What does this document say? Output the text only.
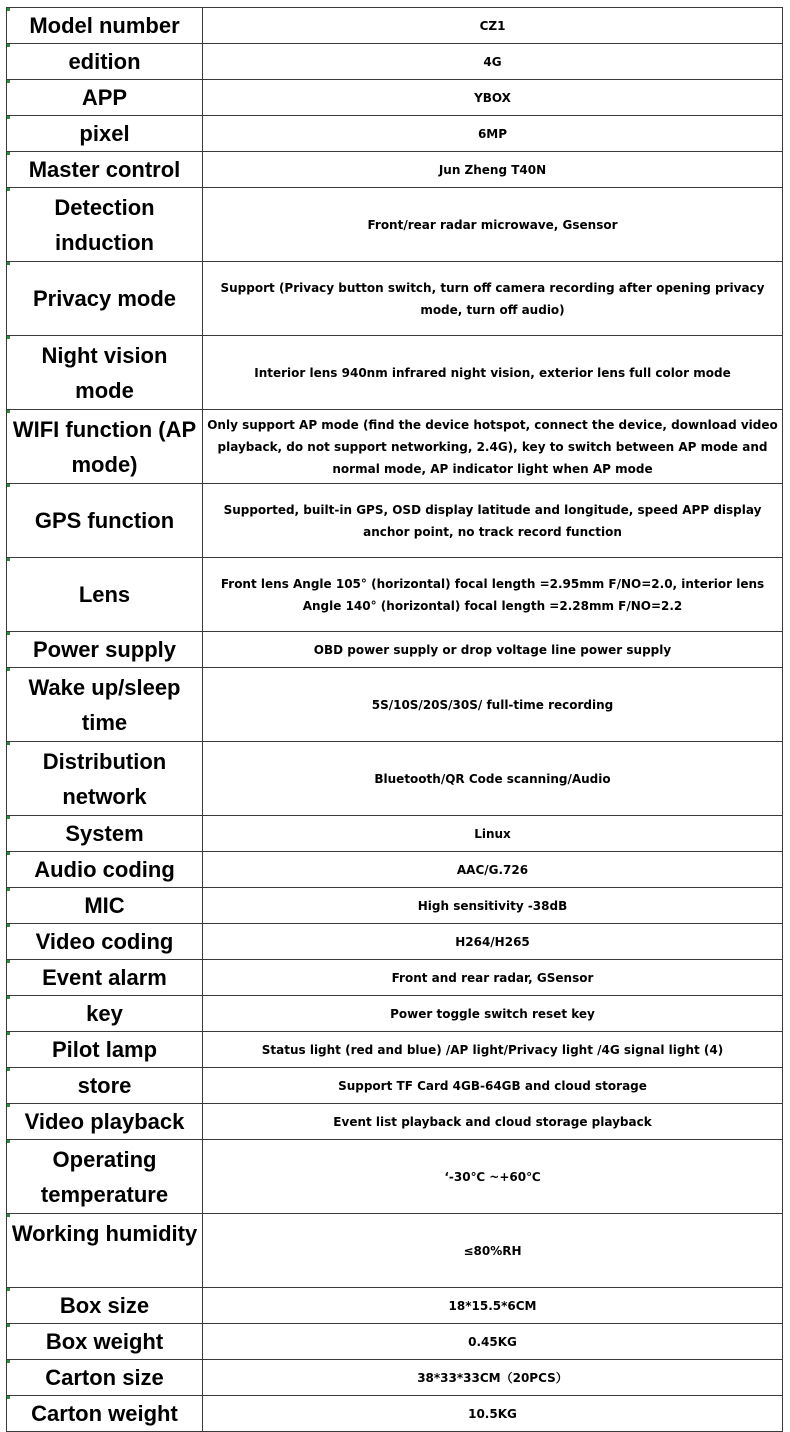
Model number	CZ1
edition	4G
APP	YBOX
pixel	6MP
Master control	Jun Zheng T40N
Detection induction	Front/rear radar microwave, Gsensor
Privacy mode	Support (Privacy button switch, turn off camera recording after opening privacy mode, turn off audio)
Night vision mode	Interior lens 940nm infrared night vision, exterior lens full color mode
WIFI function (AP mode)	Only support AP mode (find the device hotspot, connect the device, download video playback, do not support networking, 2.4G), key to switch between AP mode and normal mode, AP indicator light when AP mode
GPS function	Supported, built-in GPS, OSD display latitude and longitude, speed APP display anchor point, no track record function
Lens	Front lens Angle 105° (horizontal) focal length =2.95mm F/NO=2.0, interior lens Angle 140° (horizontal) focal length =2.28mm F/NO=2.2
Power supply	OBD power supply or drop voltage line power supply
Wake up/sleep time	5S/10S/20S/30S/ full-time recording
Distribution network	Bluetooth/QR Code scanning/Audio
System	Linux
Audio coding	AAC/G.726
MIC	High sensitivity -38dB
Video coding	H264/H265
Event alarm	Front and rear radar, GSensor
key	Power toggle switch reset key
Pilot lamp	Status light (red and blue) /AP light/Privacy light /4G signal light (4)
store	Support TF Card 4GB-64GB and cloud storage
Video playback	Event list playback and cloud storage playback
Operating temperature	‘-30℃ ~+60℃
Working humidity	≤80%RH
Box size	18*15.5*6CM
Box weight	0.45KG
Carton size	38*33*33CM（20PCS）
Carton weight	10.5KG
